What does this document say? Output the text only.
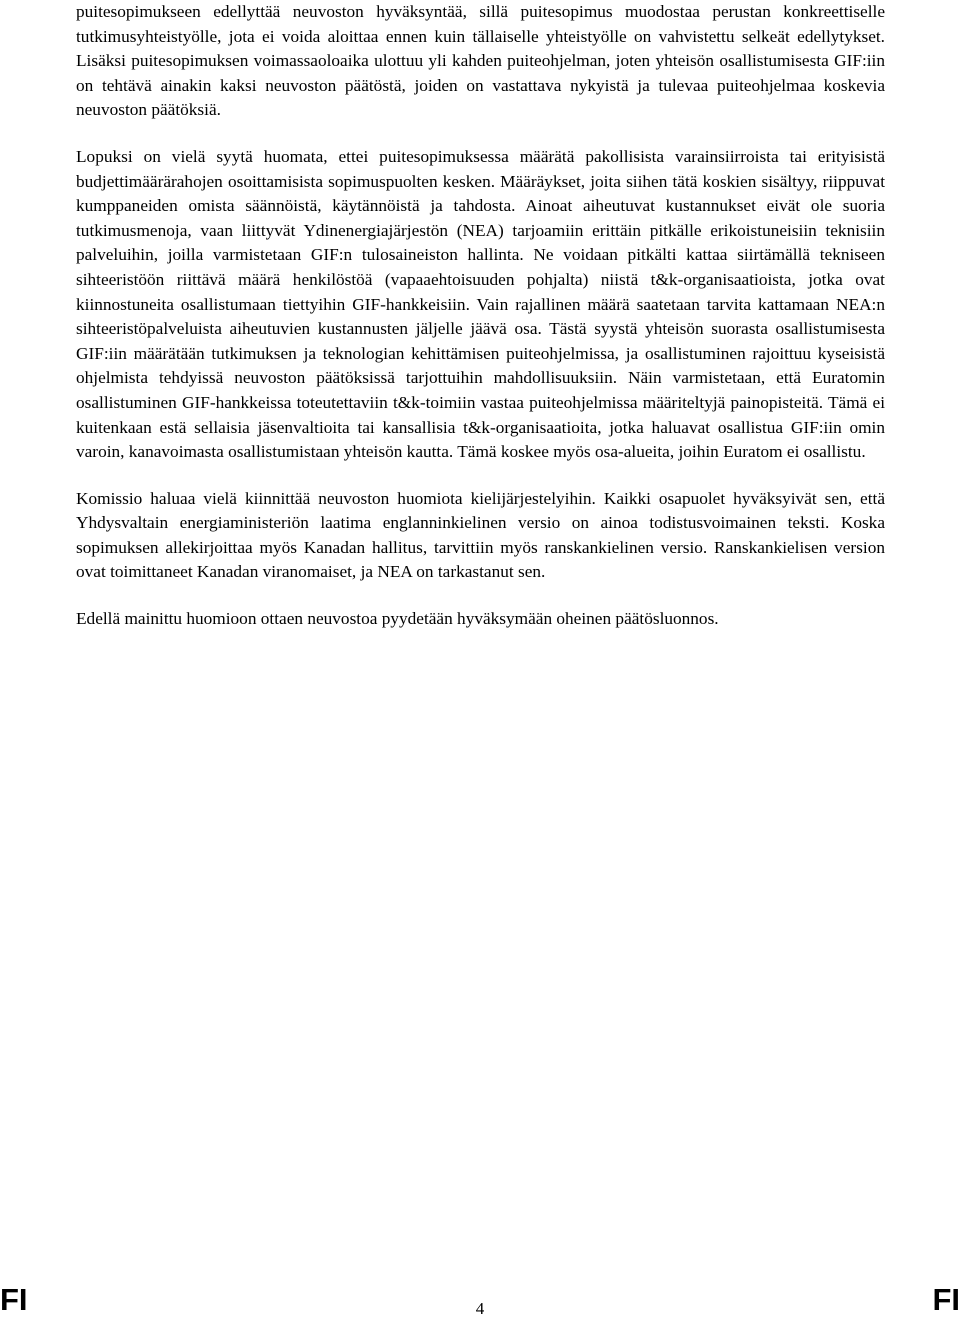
puitesopimukseen edellyttää neuvoston hyväksyntää, sillä puitesopimus muodostaa perustan konkreettiselle tutkimusyhteistyölle, jota ei voida aloittaa ennen kuin tällaiselle yhteistyölle on vahvistettu selkeät edellytykset. Lisäksi puitesopimuksen voimassaoloaika ulottuu yli kahden puiteohjelman, joten yhteisön osallistumisesta GIF:iin on tehtävä ainakin kaksi neuvoston päätöstä, joiden on vastattava nykyistä ja tulevaa puiteohjelmaa koskevia neuvoston päätöksiä.

Lopuksi on vielä syytä huomata, ettei puitesopimuksessa määrätä pakollisista varainsiirroista tai erityisistä budjettimäärärahojen osoittamisista sopimuspuolten kesken. Määräykset, joita siihen tätä koskien sisältyy, riippuvat kumppaneiden omista säännöistä, käytännöistä ja tahdosta. Ainoat aiheutuvat kustannukset eivät ole suoria tutkimusmenoja, vaan liittyvät Ydinenergiajärjestön (NEA) tarjoamiin erittäin pitkälle erikoistuneisiin teknisiin palveluihin, joilla varmistetaan GIF:n tulosaineiston hallinta. Ne voidaan pitkälti kattaa siirtämällä tekniseen sihteeristöön riittävä määrä henkilöstöä (vapaaehtoisuuden pohjalta) niistä t&k-organisaatioista, jotka ovat kiinnostuneita osallistumaan tiettyihin GIF-hankkeisiin. Vain rajallinen määrä saatetaan tarvita kattamaan NEA:n sihteeristöpalveluista aiheutuvien kustannusten jäljelle jäävä osa. Tästä syystä yhteisön suorasta osallistumisesta GIF:iin määrätään tutkimuksen ja teknologian kehittämisen puiteohjelmissa, ja osallistuminen rajoittuu kyseisistä ohjelmista tehdyissä neuvoston päätöksissä tarjottuihin mahdollisuuksiin. Näin varmistetaan, että Euratomin osallistuminen GIF-hankkeissa toteutettaviin t&k-toimiin vastaa puiteohjelmissa määriteltyjä painopisteitä. Tämä ei kuitenkaan estä sellaisia jäsenvaltioita tai kansallisia t&k-organisaatioita, jotka haluavat osallistua GIF:iin omin varoin, kanavoimasta osallistumistaan yhteisön kautta. Tämä koskee myös osa-alueita, joihin Euratom ei osallistu.

Komissio haluaa vielä kiinnittää neuvoston huomiota kielijärjestelyihin. Kaikki osapuolet hyväksyivät sen, että Yhdysvaltain energiaministeriön laatima englanninkielinen versio on ainoa todistusvoimainen teksti. Koska sopimuksen allekirjoittaa myös Kanadan hallitus, tarvittiin myös ranskankielinen versio. Ranskankielisen version ovat toimittaneet Kanadan viranomaiset, ja NEA on tarkastanut sen.

Edellä mainittu huomioon ottaen neuvostoa pyydetään hyväksymään oheinen päätösluonnos.

FI	4	FI
